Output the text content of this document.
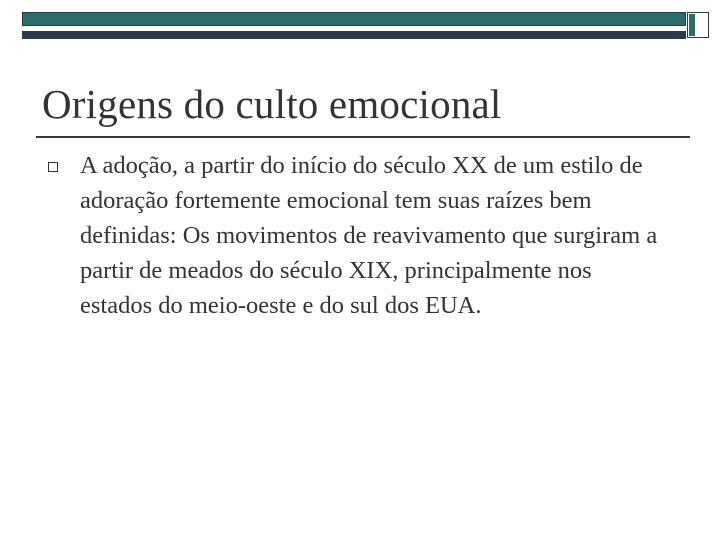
Origens do culto emocional
A adoção, a partir do início do século XX de um estilo de adoração fortemente emocional tem suas raízes bem definidas: Os movimentos de reavivamento que surgiram a partir de meados do século XIX, principalmente nos estados do meio-oeste e do sul dos EUA.
